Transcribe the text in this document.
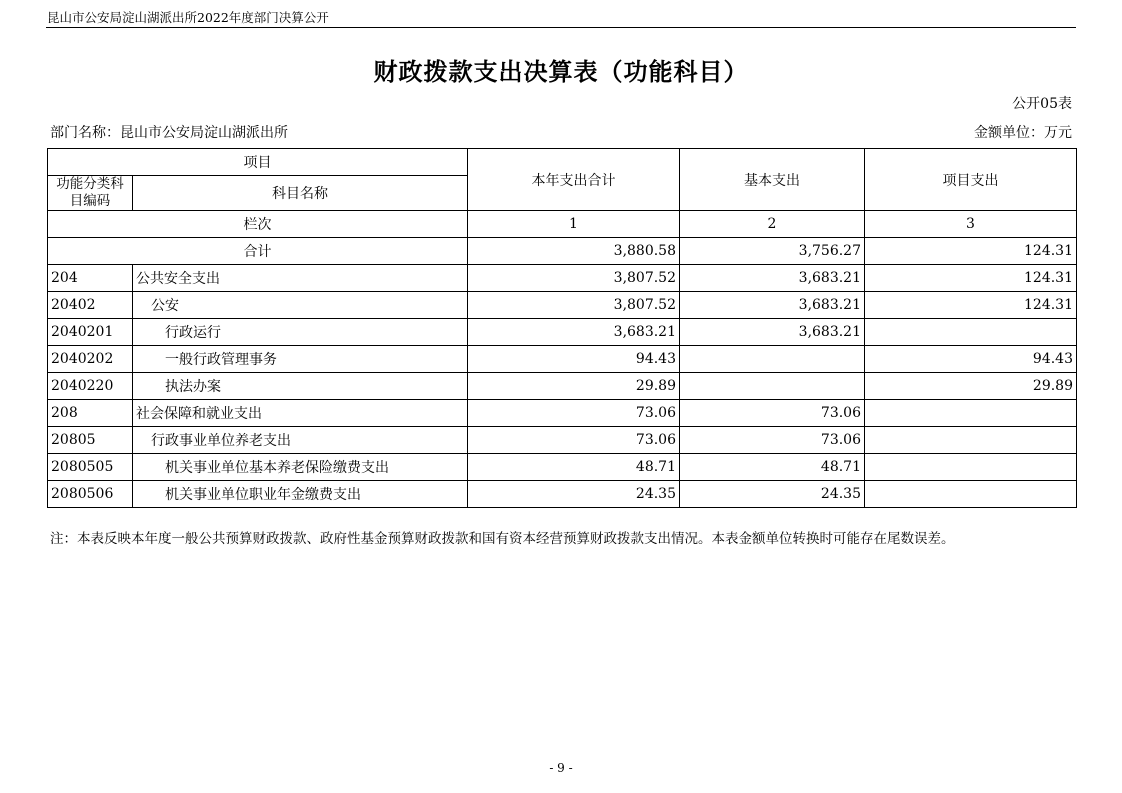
昆山市公安局淀山湖派出所2022年度部门决算公开
财政拨款支出决算表（功能科目）
公开05表
部门名称：昆山市公安局淀山湖派出所	金额单位：万元
项目		本年支出合计	基本支出	项目支出
功能分类科目编码	科目名称			
栏次		1	2	3
合计		3,880.58	3,756.27	124.31
204	公共安全支出	3,807.52	3,683.21	124.31
20402	公安	3,807.52	3,683.21	124.31
2040201	行政运行	3,683.21	3,683.21	
2040202	一般行政管理事务	94.43		94.43
2040220	执法办案	29.89		29.89
208	社会保障和就业支出	73.06	73.06	
20805	行政事业单位养老支出	73.06	73.06	
2080505	机关事业单位基本养老保险缴费支出	48.71	48.71	
2080506	机关事业单位职业年金缴费支出	24.35	24.35	
注：本表反映本年度一般公共预算财政拨款、政府性基金预算财政拨款和国有资本经营预算财政拨款支出情况。本表金额单位转换时可能存在尾数误差。
- 9 -
